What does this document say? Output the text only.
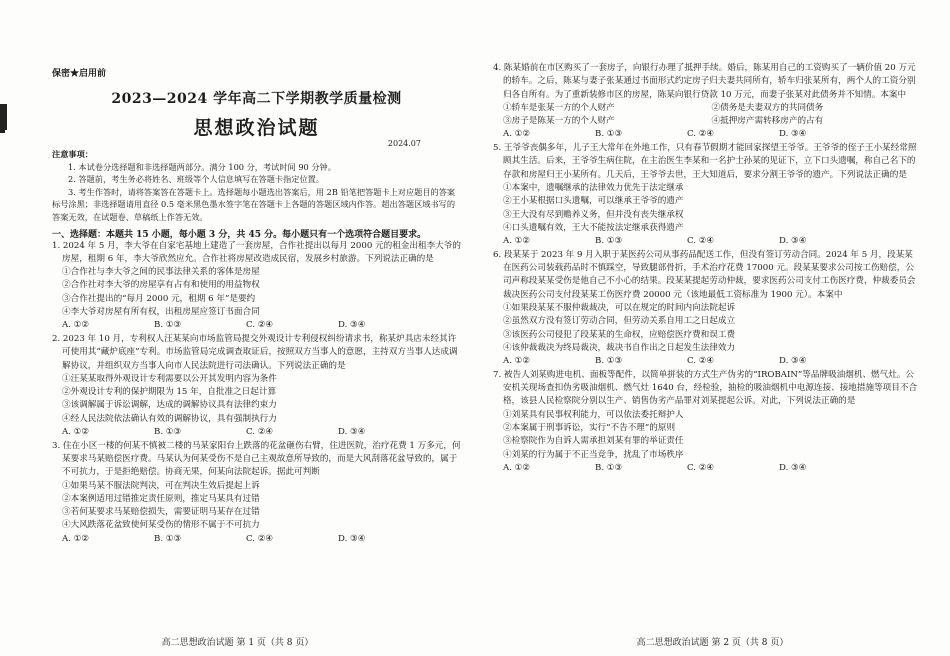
保密★启用前

2023—2024 学年高二下学期教学质量检测

思想政治试题

2024.07

注意事项：

1. 本试卷分选择题和非选择题两部分。满分 100 分，考试时间 90 分钟。

2. 答题前，考生务必将姓名、班级等个人信息填写在答题卡指定位置。

3. 考生作答时，请将答案答在答题卡上。选择题每小题选出答案后，用 2B 铅笔把答题卡上对应题目的答案标号涂黑；非选择题请用直径 0.5 毫米黑色墨水签字笔在答题卡上各题的答题区域内作答。超出答题区域书写的答案无效，在试题卷、草稿纸上作答无效。

一、选择题：本题共 15 小题，每小题 3 分，共 45 分。每小题只有一个选项符合题目要求。

1. 2024 年 5 月，李大爷在自家宅基地上建造了一套房屋，合作社提出以每月 2000 元的租金出租李大爷的房屋，租期 6 年，李大爷欣然应允。合作社将房屋改造成民宿，发展乡村旅游。下列说法正确的是

①合作社与李大爷之间的民事法律关系的客体是房屋

②合作社对李大爷的房屋享有占有和使用的用益物权

③合作社提出的“每月 2000 元，租期 6 年”是要约

④李大爷对房屋有所有权，出租房屋应签订书面合同

A. ①②	B. ①③	C. ②④	D. ③④

2. 2023 年 10 月，专利权人汪某某向市场监管局提交外观设计专利侵权纠纷请求书，称某炉具店未经其许可使用其“藏炉底座”专利。市场监管局完成调查取证后，按照双方当事人的意愿，主持双方当事人达成调解协议，并组织双方当事人向市人民法院进行司法确认。下列说法正确的是

①汪某某取得外观设计专利需要以公开其发明内容为条件

②外观设计专利的保护期限为 15 年，自批准之日起计算

③该调解属于诉讼调解，达成的调解协议具有法律约束力

④经人民法院依法确认有效的调解协议，具有强制执行力

A. ①②	B. ①③	C. ②④	D. ③④

3. 住在小区一楼的何某不慎被二楼的马某家阳台上跌落的花盆砸伤右臂，住进医院，治疗花费 1 万多元，何某要求马某赔偿医疗费。马某认为何某受伤不是自己主观故意所导致的，而是大风刮落花盆导致的，属于不可抗力，于是拒绝赔偿。协商无果，何某向法院起诉。据此可判断

①如果马某不服法院判决，可在判决生效后提起上诉

②本案例适用过错推定责任原则，推定马某具有过错

③若何某要求马某赔偿损失，需要证明马某存在过错

④大风跌落花盆致使何某受伤的情形不属于不可抗力

A. ①②	B. ①③	C. ②④	D. ③④
高二思想政治试题 第 1 页（共 8 页）

4. 陈某婚前在市区购买了一套房子，向银行办理了抵押手续。婚后，陈某用自己的工资购买了一辆价值 20 万元的轿车。之后，陈某与妻子张某通过书面形式约定房子归夫妻共同所有，轿车归张某所有，两个人的工资分别归各自所有。为了重新装修市区的房屋，陈某向银行贷款 10 万元，而妻子张某对此债务并不知情。本案中

①轿车是张某一方的个人财产	②债务是夫妻双方的共同债务

③房子是陈某一方的个人财产	④抵押房产需转移房产的占有

A. ①②	B. ①③	C. ②④	D. ③④

5. 王爷爷丧偶多年，儿子王大常年在外地工作，只有春节假期才能回家探望王爷爷。王爷爷的侄子王小某经常照顾其生活。后来，王爷爷生病住院，在主治医生李某和一名护士孙某的见证下，立下口头遗嘱，称自己名下的存款和房屋归王小某所有。几天后，王爷爷去世，王大知道后，要求分割王爷爷的遗产。下列说法正确的是

①本案中，遗嘱继承的法律效力优先于法定继承

②王小某根据口头遗嘱，可以继承王爷爷的遗产

③王大没有尽到赡养义务，但并没有丧失继承权

④口头遗嘱有效，王大不能按法定继承获得遗产

A. ①②	B. ①③	C. ②④	D. ③④

6. 段某某于 2023 年 9 月入职于某医药公司从事药品配送工作，但没有签订劳动合同。2024 年 5 月，段某某在医药公司装载药品时不慎踩空，导致腿部骨折，手术治疗花费 17000 元。段某某要求公司按工伤赔偿，公司声称段某某受伤是他自己不小心的结果。段某某提起劳动仲裁，要求医药公司支付工伤医疗费，仲裁委员会裁决医药公司支付段某某工伤医疗费 20000 元（该地最低工资标准为 1900 元）。本案中

①如果段某某不服仲裁裁决，可以在规定的时间内向法院起诉

②虽然双方没有签订劳动合同，但劳动关系自用工之日起成立

③该医药公司侵犯了段某某的生命权，应赔偿医疗费和误工费

④该仲裁裁决为终局裁决，裁决书自作出之日起发生法律效力

A. ①②	B. ①③	C. ②④	D. ③④

7. 被告人刘某购进电机、面板等配件，以简单拼装的方式生产伪劣的“IROBAIN”等品牌吸油烟机、燃气灶。公安机关现场查扣伪劣吸油烟机、燃气灶 1640 台，经检验，抽检的吸油烟机中电源连接、接地措施等项目不合格，该县人民检察院分别以生产、销售伪劣产品罪对刘某提起公诉。对此，下列说法正确的是

①刘某具有民事权利能力，可以依法委托辩护人

②本案属于刑事诉讼，实行“不告不理”的原则

③检察院作为自诉人需承担刘某有罪的举证责任

④刘某的行为属于不正当竞争，扰乱了市场秩序

A. ①②	B. ①③	C. ②④	D. ③④
高二思想政治试题 第 2 页（共 8 页）
